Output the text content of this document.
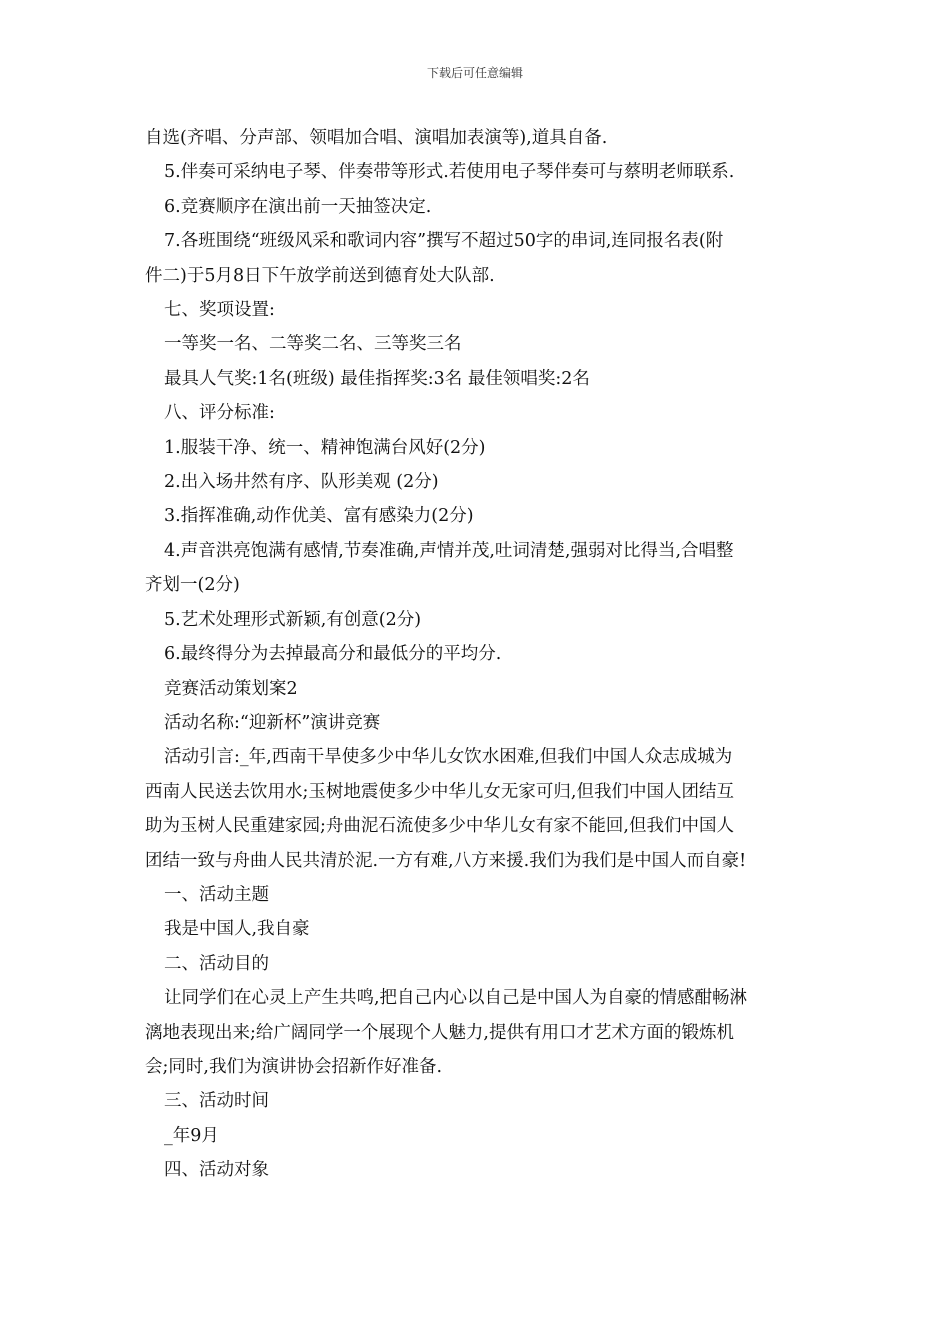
下载后可任意编辑

自选(齐唱、分声部、领唱加合唱、演唱加表演等),道具自备.

5.伴奏可采纳电子琴、伴奏带等形式.若使用电子琴伴奏可与蔡明老师联系.

6.竞赛顺序在演出前一天抽签决定.

7.各班围绕“班级风采和歌词内容”撰写不超过50字的串词,连同报名表(附

件二)于5月8日下午放学前送到德育处大队部.

七、奖项设置:

一等奖一名、二等奖二名、三等奖三名

最具人气奖:1名(班级) 最佳指挥奖:3名 最佳领唱奖:2名

八、评分标准:

1.服装干净、统一、精神饱满台风好(2分)

2.出入场井然有序、队形美观 (2分)

3.指挥准确,动作优美、富有感染力(2分)

4.声音洪亮饱满有感情,节奏准确,声情并茂,吐词清楚,强弱对比得当,合唱整

齐划一(2分)

5.艺术处理形式新颖,有创意(2分)

6.最终得分为去掉最高分和最低分的平均分.

竞赛活动策划案2

活动名称:“迎新杯”演讲竞赛

活动引言:_年,西南干旱使多少中华儿女饮水困难,但我们中国人众志成城为

西南人民送去饮用水;玉树地震使多少中华儿女无家可归,但我们中国人团结互

助为玉树人民重建家园;舟曲泥石流使多少中华儿女有家不能回,但我们中国人

团结一致与舟曲人民共清於泥.一方有难,八方来援.我们为我们是中国人而自豪!

一、活动主题

我是中国人,我自豪

二、活动目的

让同学们在心灵上产生共鸣,把自己内心以自己是中国人为自豪的情感酣畅淋

漓地表现出来;给广阔同学一个展现个人魅力,提供有用口才艺术方面的锻炼机

会;同时,我们为演讲协会招新作好准备.

三、活动时间

_年9月

四、活动对象
